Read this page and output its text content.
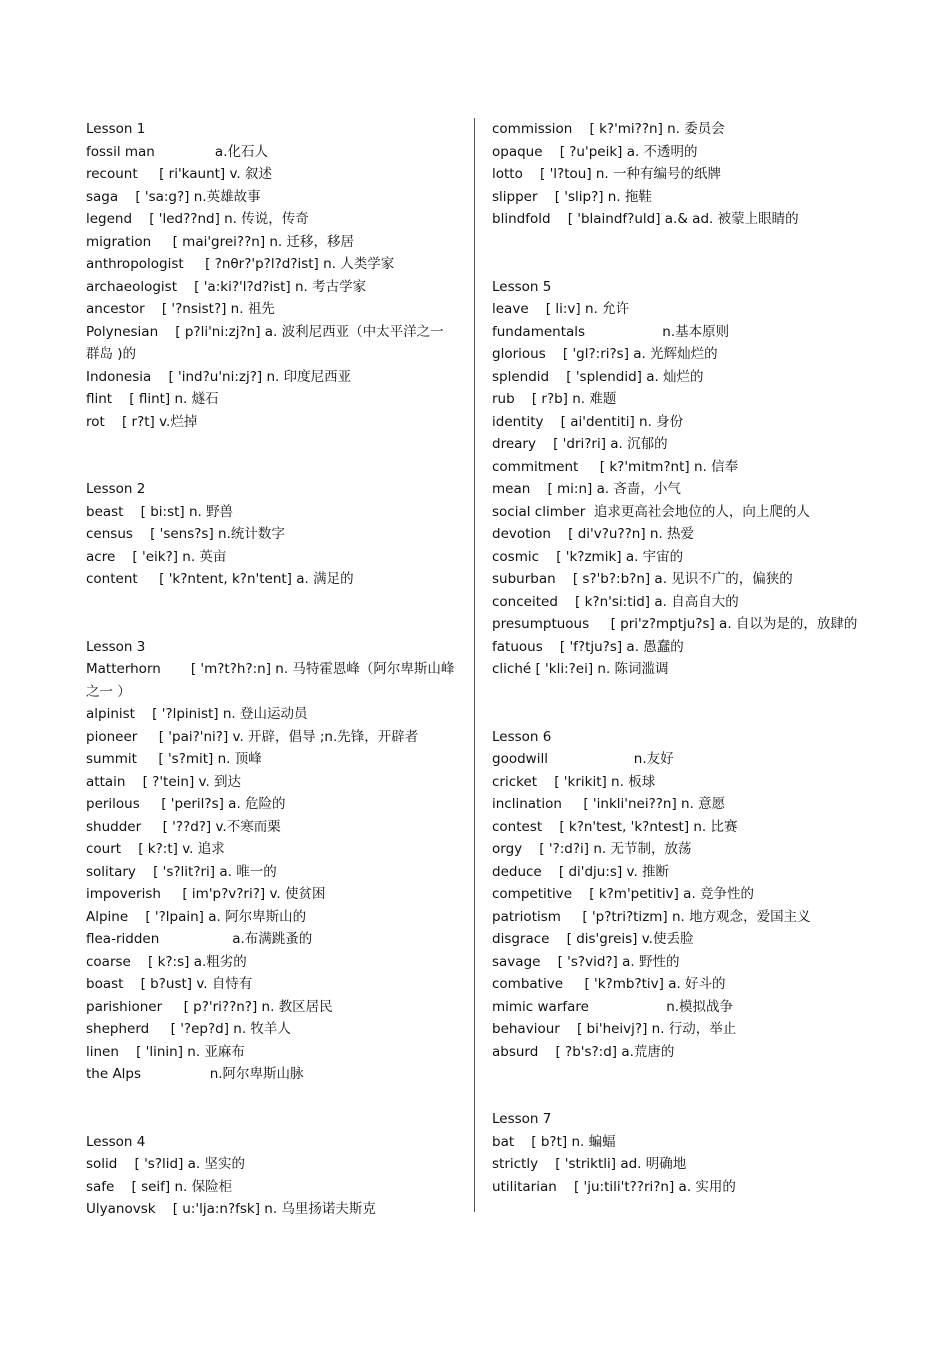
Lesson 1
fossil man              a.化石人
recount     [ ri'kaunt] v. 叙述
saga    [ 'sa:g?] n.英雄故事
legend    [ 'led??nd] n. 传说，传奇
migration     [ mai'grei??n] n. 迁移，移居
anthropologist     [ ?nθr?'p?l?d?ist] n. 人类学家
archaeologist    [ 'a:ki?'l?d?ist] n. 考古学家
ancestor    [ '?nsist?] n. 祖先
Polynesian    [ p?li'ni:zj?n] a. 波利尼西亚（中太平洋之一群岛 )的
Indonesia    [ 'ind?u'ni:zj?] n. 印度尼西亚
flint    [ flint] n. 燧石
rot    [ r?t] v.烂掉
Lesson 2
beast    [ bi:st] n. 野兽
census    [ 'sens?s] n.统计数字
acre    [ 'eik?] n. 英亩
content     [ 'k?ntent, k?n'tent] a. 满足的
Lesson 3
Matterhorn       [ 'm?t?h?:n] n. 马特霍恩峰（阿尔卑斯山峰之一 ）
alpinist    [ '?lpinist] n. 登山运动员
pioneer     [ 'pai?'ni?] v. 开辟，倡导 ;n.先锋，开辟者
summit     [ 's?mit] n. 顶峰
attain    [ ?'tein] v. 到达
perilous     [ 'peril?s] a. 危险的
shudder     [ '??d?] v.不寒而栗
court    [ k?:t] v. 追求
solitary    [ 's?lit?ri] a. 唯一的
impoverish     [ im'p?v?ri?] v. 使贫困
Alpine    [ '?lpain] a. 阿尔卑斯山的
flea-ridden                 a.布满跳蚤的
coarse    [ k?:s] a.粗劣的
boast    [ b?ust] v. 自恃有
parishioner     [ p?'ri??n?] n. 教区居民
shepherd     [ '?ep?d] n. 牧羊人
linen    [ 'linin] n. 亚麻布
the Alps                n.阿尔卑斯山脉
Lesson 4
solid    [ 's?lid] a. 坚实的
safe    [ seif] n. 保险柜
Ulyanovsk    [ u:'lja:n?fsk] n. 乌里扬诺夫斯克
commission    [ k?'mi??n] n. 委员会
opaque    [ ?u'peik] a. 不透明的
lotto    [ 'l?tou] n. 一种有编号的纸牌
slipper    [ 'slip?] n. 拖鞋
blindfold    [ 'blaindf?uld] a.& ad. 被蒙上眼睛的
Lesson 5
leave    [ li:v] n. 允许
fundamentals                  n.基本原则
glorious    [ 'gl?:ri?s] a. 光辉灿烂的
splendid    [ 'splendid] a. 灿烂的
rub    [ r?b] n. 难题
identity    [ ai'dentiti] n. 身份
dreary    [ 'dri?ri] a. 沉郁的
commitment     [ k?'mitm?nt] n. 信奉
mean    [ mi:n] a. 吝啬，小气
social climber  追求更高社会地位的人，向上爬的人
devotion    [ di'v?u??n] n. 热爱
cosmic    [ 'k?zmik] a. 宇宙的
suburban    [ s?'b?:b?n] a. 见识不广的，偏狭的
conceited    [ k?n'si:tid] a. 自高自大的
presumptuous     [ pri'z?mptju?s] a. 自以为是的，放肆的
fatuous    [ 'f?tju?s] a. 愚蠢的
cliché [ 'kli:?ei] n. 陈词滥调
Lesson 6
goodwill                    n.友好
cricket    [ 'krikit] n. 板球
inclination     [ 'inkli'nei??n] n. 意愿
contest    [ k?n'test, 'k?ntest] n. 比赛
orgy    [ '?:d?i] n. 无节制，放荡
deduce    [ di'dju:s] v. 推断
competitive    [ k?m'petitiv] a. 竞争性的
patriotism     [ 'p?tri?tizm] n. 地方观念，爱国主义
disgrace    [ dis'greis] v.使丢脸
savage    [ 's?vid?] a. 野性的
combative     [ 'k?mb?tiv] a. 好斗的
mimic warfare                  n.模拟战争
behaviour    [ bi'heivj?] n. 行动，举止
absurd    [ ?b's?:d] a.荒唐的
Lesson 7
bat    [ b?t] n. 蝙蝠
strictly    [ 'striktli] ad. 明确地
utilitarian    [ 'ju:tili't??ri?n] a. 实用的
